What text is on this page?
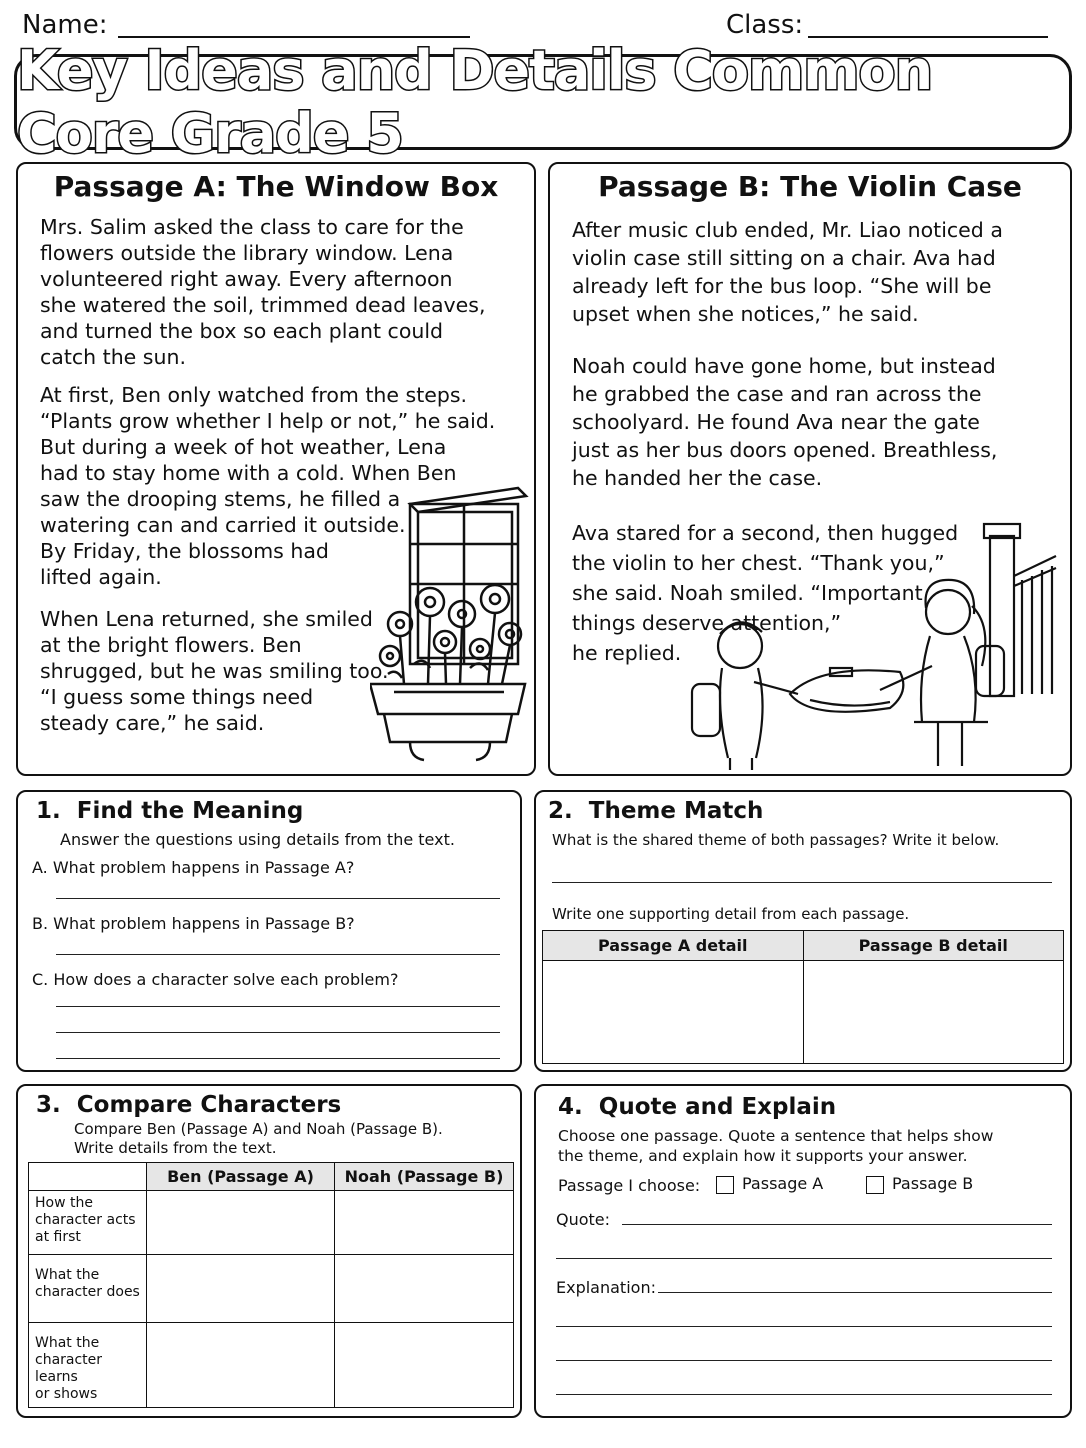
Name:	Class:
Key Ideas and Details Common Core Grade 5
Passage A: The Window Box

Mrs. Salim asked the class to care for the

flowers outside the library window. Lena

volunteered right away. Every afternoon

she watered the soil, trimmed dead leaves,

and turned the box so each plant could

catch the sun.

At first, Ben only watched from the steps.

“Plants grow whether I help or not,” he said.

But during a week of hot weather, Lena

had to stay home with a cold. When Ben

saw the drooping stems, he filled a

watering can and carried it outside.

By Friday, the blossoms had

lifted again.

When Lena returned, she smiled

at the bright flowers. Ben

shrugged, but he was smiling too.

“I guess some things need

steady care,” he said.

Passage B: The Violin Case

After music club ended, Mr. Liao noticed a

violin case still sitting on a chair. Ava had

already left for the bus loop. “She will be

upset when she notices,” he said.

Noah could have gone home, but instead

he grabbed the case and ran across the

schoolyard. He found Ava near the gate

just as her bus doors opened. Breathless,

he handed her the case.

Ava stared for a second, then hugged

the violin to her chest. “Thank you,”

she said. Noah smiled. “Important

things deserve attention,”

he replied.

1. Find the Meaning
Answer the questions using details from the text.
A. What problem happens in Passage A?
B. What problem happens in Passage B?
C. How does a character solve each problem?
2. Theme Match
What is the shared theme of both passages? Write it below.
Write one supporting detail from each passage.
Passage A detail	Passage B detail

3. Compare Characters
Compare Ben (Passage A) and Noah (Passage B).
Write details from the text.
	Ben (Passage A)	Noah (Passage B)

How the
character acts
at first		

What the
character does		

What the
character learns
or shows		

4. Quote and Explain
Choose one passage. Quote a sentence that helps show
the theme, and explain how it supports your answer.
Passage I choose:	Passage A	Passage B
Quote:
Explanation:
